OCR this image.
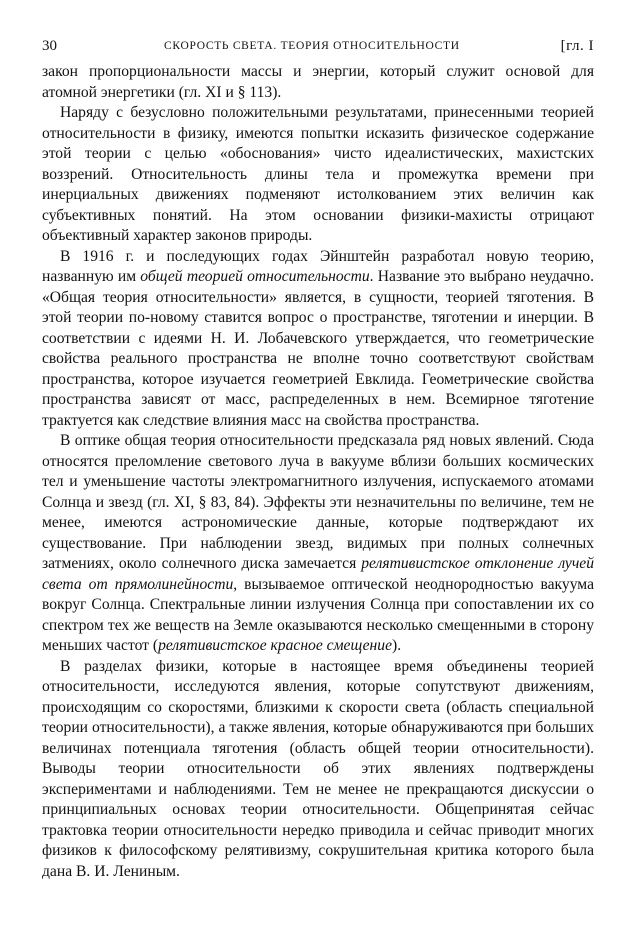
30	СКОРОСТЬ СВЕТА. ТЕОРИЯ ОТНОСИТЕЛЬНОСТИ	[гл. I

закон пропорциональности массы и энергии, который служит основой для атомной энергетики (гл. XI и § 113).

Наряду с безусловно положительными результатами, принесенными теорией относительности в физику, имеются попытки исказить физическое содержание этой теории с целью «обоснования» чисто идеалистических, махистских воззрений. Относительность длины тела и промежутка времени при инерциальных движениях подменяют истолкованием этих величин как субъективных понятий. На этом основании физики-махисты отрицают объективный характер законов природы.

В 1916 г. и последующих годах Эйнштейн разработал новую теорию, названную им общей теорией относительности. Название это выбрано неудачно. «Общая теория относительности» является, в сущности, теорией тяготения. В этой теории по-новому ставится вопрос о пространстве, тяготении и инерции. В соответствии с идеями Н. И. Лобачевского утверждается, что геометрические свойства реального пространства не вполне точно соответствуют свойствам пространства, которое изучается геометрией Евклида. Геометрические свойства пространства зависят от масс, распределенных в нем. Всемирное тяготение трактуется как следствие влияния масс на свойства пространства.

В оптике общая теория относительности предсказала ряд новых явлений. Сюда относятся преломление светового луча в вакууме вблизи больших космических тел и уменьшение частоты электромагнитного излучения, испускаемого атомами Солнца и звезд (гл. XI, § 83, 84). Эффекты эти незначительны по величине, тем не менее, имеются астрономические данные, которые подтверждают их существование. При наблюдении звезд, видимых при полных солнечных затмениях, около солнечного диска замечается релятивистское отклонение лучей света от прямолинейности, вызываемое оптической неоднородностью вакуума вокруг Солнца. Спектральные линии излучения Солнца при сопоставлении их со спектром тех же веществ на Земле оказываются несколько смещенными в сторону меньших частот (релятивистское красное смещение).

В разделах физики, которые в настоящее время объединены теорией относительности, исследуются явления, которые сопутствуют движениям, происходящим со скоростями, близкими к скорости света (область специальной теории относительности), а также явления, которые обнаруживаются при больших величинах потенциала тяготения (область общей теории относительности). Выводы теории относительности об этих явлениях подтверждены экспериментами и наблюдениями. Тем не менее не прекращаются дискуссии о принципиальных основах теории относительности. Общепринятая сейчас трактовка теории относительности нередко приводила и сейчас приводит многих физиков к философскому релятивизму, сокрушительная критика которого была дана В. И. Лениным.
